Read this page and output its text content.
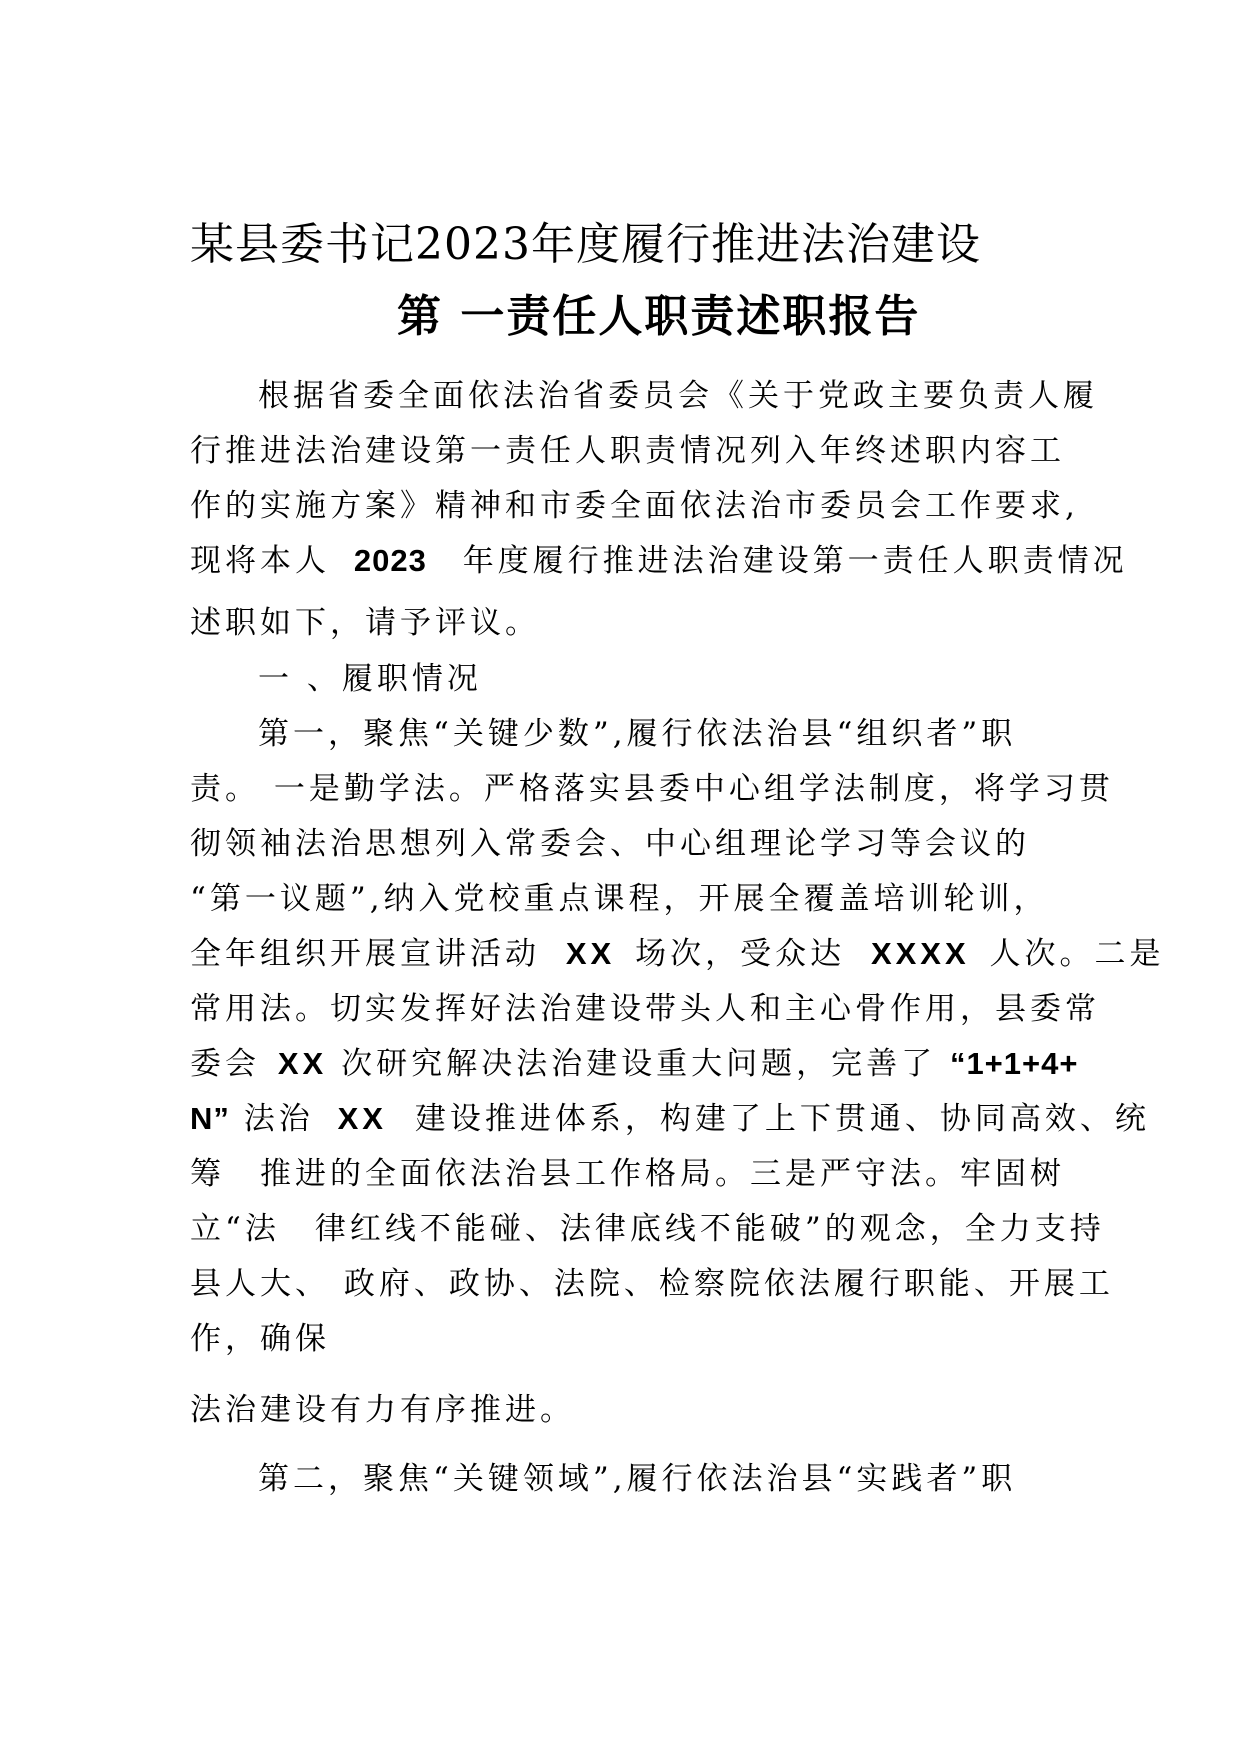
某县委书记2023年度履行推进法治建设
第 一责任人职责述职报告
根据省委全面依法治省委员会《关于党政主要负责人履
行推进法治建设第一责任人职责情况列入年终述职内容工
作的实施方案》精神和市委全面依法治市委员会工作要求,
现将本人 2023 年度履行推进法治建设第一责任人职责情况
述职如下，请予评议。
一 、履职情况
第一，聚焦“关键少数”,履行依法治县“组织者”职
责。 一是勤学法。严格落实县委中心组学法制度，将学习贯
彻领袖法治思想列入常委会、中心组理论学习等会议的
“第一议题”,纳入党校重点课程，开展全覆盖培训轮训，
全年组织开展宣讲活动 XX 场次，受众达 XXXX 人次。二是
常用法。切实发挥好法治建设带头人和主心骨作用，县委常
委会 XX 次研究解决法治建设重大问题，完善了 “1+1+4+
N” 法治 XX 建设推进体系，构建了上下贯通、协同高效、统
筹　推进的全面依法治县工作格局。三是严守法。牢固树
立“法　律红线不能碰、法律底线不能破”的观念，全力支持
县人大、 政府、政协、法院、检察院依法履行职能、开展工
作，确保
法治建设有力有序推进。
第二，聚焦“关键领域”,履行依法治县“实践者”职
